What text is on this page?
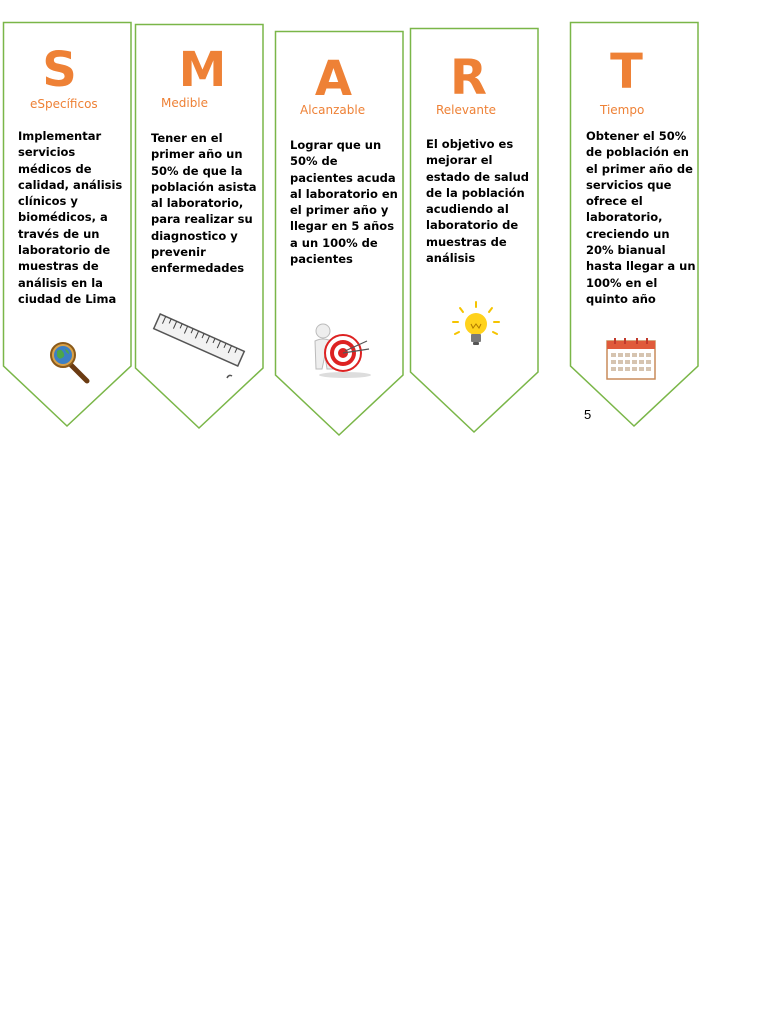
S
eSpecíficos
Implementar
servicios
médicos de
calidad, análisis
clínicos y
biomédicos, a
través de un
laboratorio de
muestras de
análisis en la
ciudad de Lima
M
Medible
Tener en el
primer año un
50% de que la
población asista
al laboratorio,
para realizar su
diagnostico y
prevenir
enfermedades
A
Alcanzable
Lograr que un
50% de
pacientes acuda
al laboratorio en
el primer año y
llegar en 5 años
a un 100% de
pacientes
R
Relevante
El objetivo es
mejorar el
estado de salud
de la población
acudiendo al
laboratorio de
muestras de
análisis
T
Tiempo
Obtener el 50%
de población en
el primer año de
servicios que
ofrece el
laboratorio,
creciendo un
20% bianual
hasta llegar a un
100% en el
quinto año
5
